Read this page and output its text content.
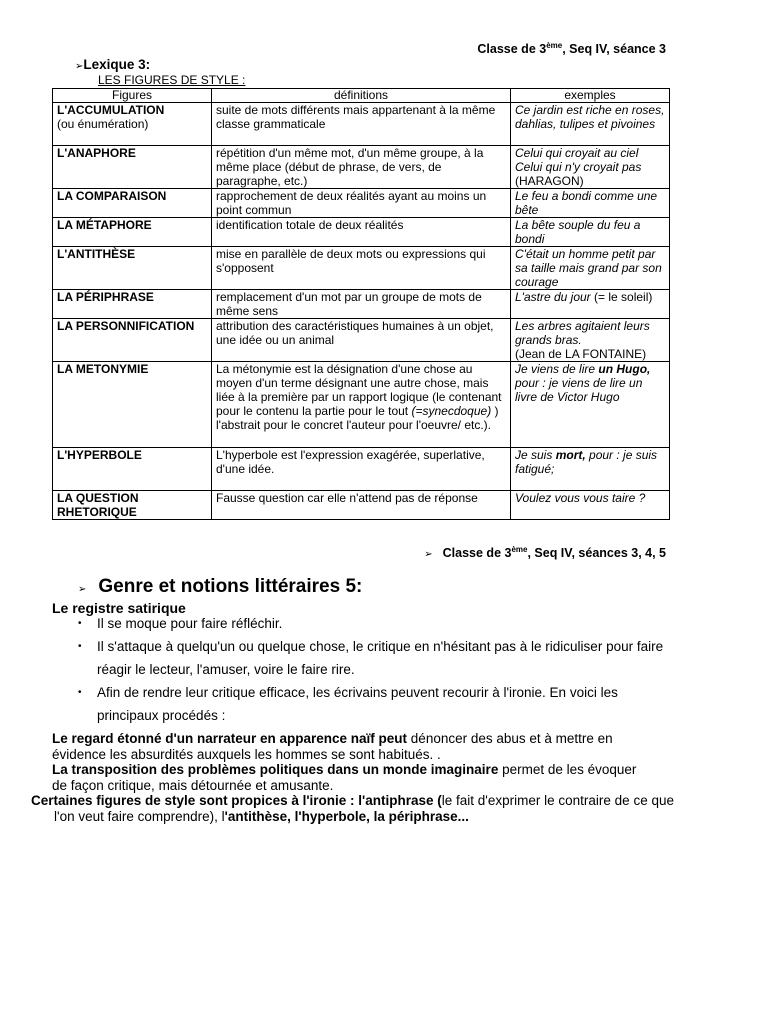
Classe de 3ème, Seq IV, séance 3
➢Lexique 3:
LES FIGURES DE STYLE :
Figures	définitions	exemples
L'ACCUMULATION
(ou énumération)	suite de mots différents mais appartenant à la même classe grammaticale	Ce jardin est riche en roses, dahlias, tulipes et pivoines
L'ANAPHORE	répétition d'un même mot, d'un même groupe, à la même place (début de phrase, de vers, de paragraphe, etc.)	Celui qui croyait au ciel
Celui qui n'y croyait pas
(HARAGON)
LA COMPARAISON	rapprochement de deux réalités ayant au moins un point commun	Le feu a bondi comme une bête
LA MÉTAPHORE	identification totale de deux réalités	La bête souple du feu a bondi
L'ANTITHÈSE	mise en parallèle de deux mots ou expressions qui s'opposent	C'était un homme petit par sa taille mais grand par son courage
LA PÉRIPHRASE	remplacement d'un mot par un groupe de mots de même sens	L'astre du jour (= le soleil)
LA PERSONNIFICATION	attribution des caractéristiques humaines à un objet, une idée ou un animal	Les arbres agitaient leurs grands bras.
(Jean de LA FONTAINE)
LA METONYMIE	La métonymie est la désignation d'une chose au moyen d'un terme désignant une autre chose, mais liée à la première par un rapport logique (le contenant pour le contenu la partie pour le tout (=synecdoque) ) l'abstrait pour le concret l'auteur pour l'oeuvre/ etc.).	Je viens de lire un Hugo, pour : je viens de lire un livre de Victor Hugo
L'HYPERBOLE	L'hyperbole est l'expression exagérée, superlative, d'une idée.	Je suis mort, pour : je suis fatigué;
LA QUESTION
RHETORIQUE	Fausse question car elle n'attend pas de réponse	Voulez vous vous taire ?
➢ Classe de 3ème, Seq IV, séances 3, 4, 5
➢ Genre et notions littéraires 5:
Le registre satirique
• Il se moque pour faire réfléchir.
• Il s'attaque à quelqu'un ou quelque chose, le critique en n'hésitant pas à le ridiculiser pour faire réagir le lecteur, l'amuser, voire le faire rire.
• Afin de rendre leur critique efficace, les écrivains peuvent recourir à l'ironie. En voici les principaux procédés :
Le regard étonné d'un narrateur en apparence naïf peut dénoncer des abus et à mettre en évidence les absurdités auxquels les hommes se sont habitués. .
La transposition des problèmes politiques dans un monde imaginaire permet de les évoquer de façon critique, mais détournée et amusante.
Certaines figures de style sont propices à l'ironie : l'antiphrase (le fait d'exprimer le contraire de ce que l'on veut faire comprendre), l'antithèse, l'hyperbole, la périphrase...
